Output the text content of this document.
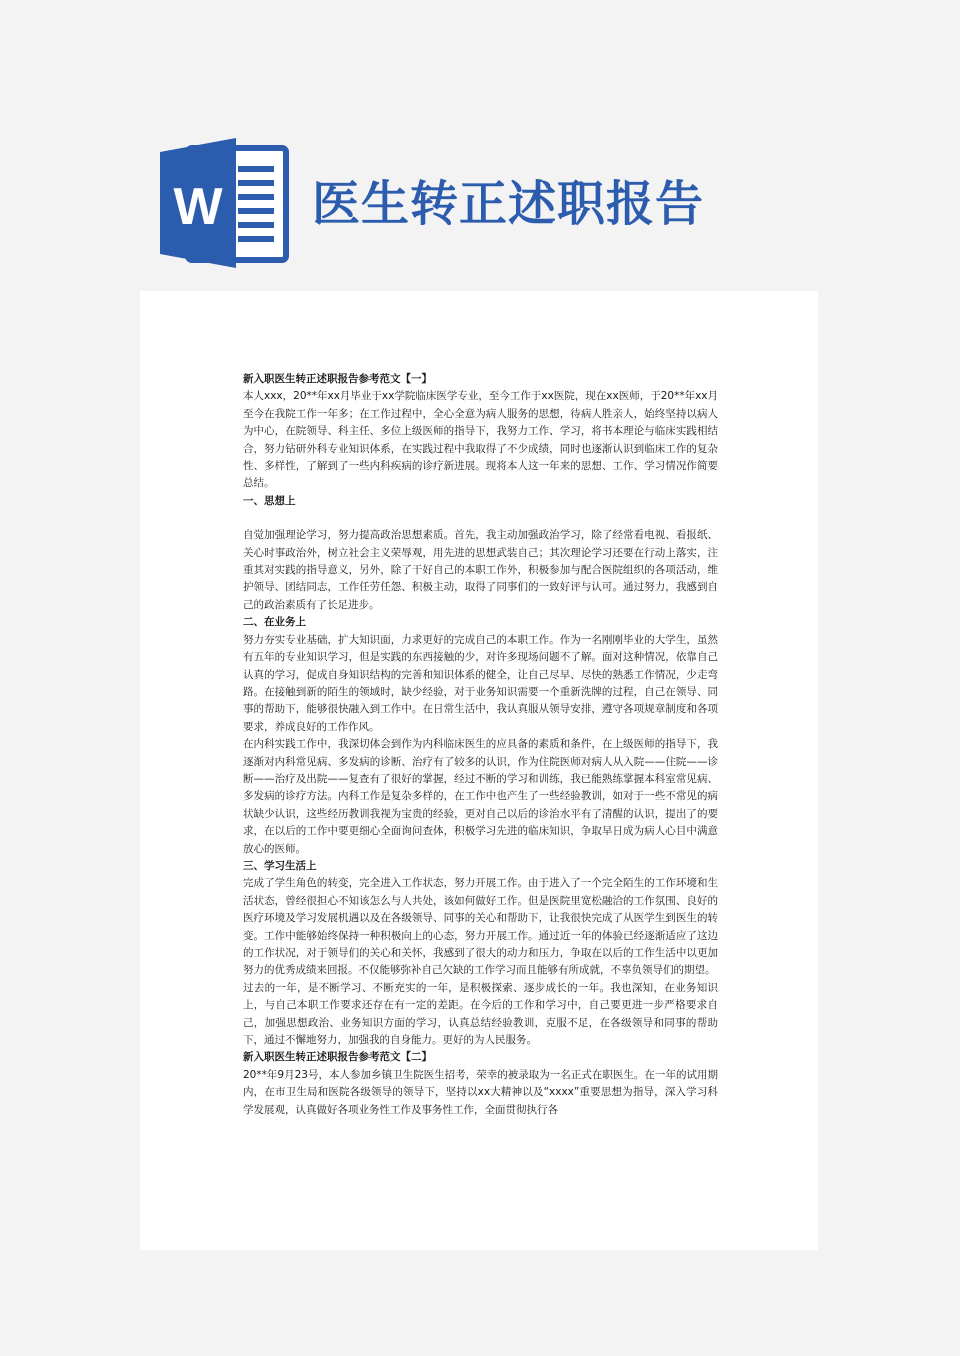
W 医生转正述职报告

新入职医生转正述职报告参考范文【一】

本人xxx，20**年xx月毕业于xx学院临床医学专业，至今工作于xx医院，现在xx医师，于20**年xx月至今在我院工作一年多；在工作过程中，全心全意为病人服务的思想，待病人胜亲人，始终坚持以病人为中心，在院领导、科主任、多位上级医师的指导下，我努力工作、学习，将书本理论与临床实践相结合，努力钻研外科专业知识体系，在实践过程中我取得了不少成绩，同时也逐渐认识到临床工作的复杂性、多样性，了解到了一些内科疾病的诊疗新进展。现将本人这一年来的思想、工作、学习情况作简要总结。

一、思想上

自觉加强理论学习，努力提高政治思想素质。首先，我主动加强政治学习，除了经常看电视、看报纸、关心时事政治外，树立社会主义荣辱观，用先进的思想武装自己；其次理论学习还要在行动上落实，注重其对实践的指导意义，另外，除了干好自己的本职工作外，积极参加与配合医院组织的各项活动，维护领导、团结同志，工作任劳任怨、积极主动，取得了同事们的一致好评与认可。通过努力，我感到自己的政治素质有了长足进步。

二、在业务上

努力夯实专业基础，扩大知识面，力求更好的完成自己的本职工作。作为一名刚刚毕业的大学生，虽然有五年的专业知识学习，但是实践的东西接触的少，对许多现场问题不了解。面对这种情况，依靠自己认真的学习，促成自身知识结构的完善和知识体系的健全，让自己尽早、尽快的熟悉工作情况，少走弯路。在接触到新的陌生的领域时，缺少经验，对于业务知识需要一个重新洗牌的过程，自己在领导、同事的帮助下，能够很快融入到工作中。在日常生活中，我认真服从领导安排，遵守各项规章制度和各项要求，养成良好的工作作风。

在内科实践工作中，我深切体会到作为内科临床医生的应具备的素质和条件，在上级医师的指导下，我逐渐对内科常见病、多发病的诊断、治疗有了较多的认识，作为住院医师对病人从入院——住院——诊断——治疗及出院——复查有了很好的掌握，经过不断的学习和训练，我已能熟练掌握本科室常见病、多发病的诊疗方法。内科工作是复杂多样的，在工作中也产生了一些经验教训，如对于一些不常见的病状缺少认识，这些经历教训我视为宝贵的经验，更对自己以后的诊治水平有了清醒的认识，提出了的要求，在以后的工作中要更细心全面询问查体，积极学习先进的临床知识，争取早日成为病人心目中满意放心的医师。

三、学习生活上

完成了学生角色的转变，完全进入工作状态，努力开展工作。由于进入了一个完全陌生的工作环境和生活状态，曾经很担心不知该怎么与人共处，该如何做好工作。但是医院里宽松融洽的工作氛围、良好的医疗环境及学习发展机遇以及在各级领导、同事的关心和帮助下，让我很快完成了从医学生到医生的转变。工作中能够始终保持一种积极向上的心态，努力开展工作。通过近一年的体验已经逐渐适应了这边的工作状况，对于领导们的关心和关怀，我感到了很大的动力和压力，争取在以后的工作生活中以更加努力的优秀成绩来回报。不仅能够弥补自己欠缺的工作学习而且能够有所成就，不辜负领导们的期望。

过去的一年，是不断学习、不断充实的一年，是积极探索、逐步成长的一年。我也深知，在业务知识上，与自己本职工作要求还存在有一定的差距。在今后的工作和学习中，自己要更进一步严格要求自己，加强思想政治、业务知识方面的学习，认真总结经验教训，克服不足，在各级领导和同事的帮助下，通过不懈地努力，加强我的自身能力。更好的为人民服务。

新入职医生转正述职报告参考范文【二】

20**年9月23号，本人参加乡镇卫生院医生招考，荣幸的被录取为一名正式在职医生。在一年的试用期内，在市卫生局和医院各级领导的领导下，坚持以xx大精神以及“xxxx”重要思想为指导，深入学习科学发展观，认真做好各项业务性工作及事务性工作，全面贯彻执行各
